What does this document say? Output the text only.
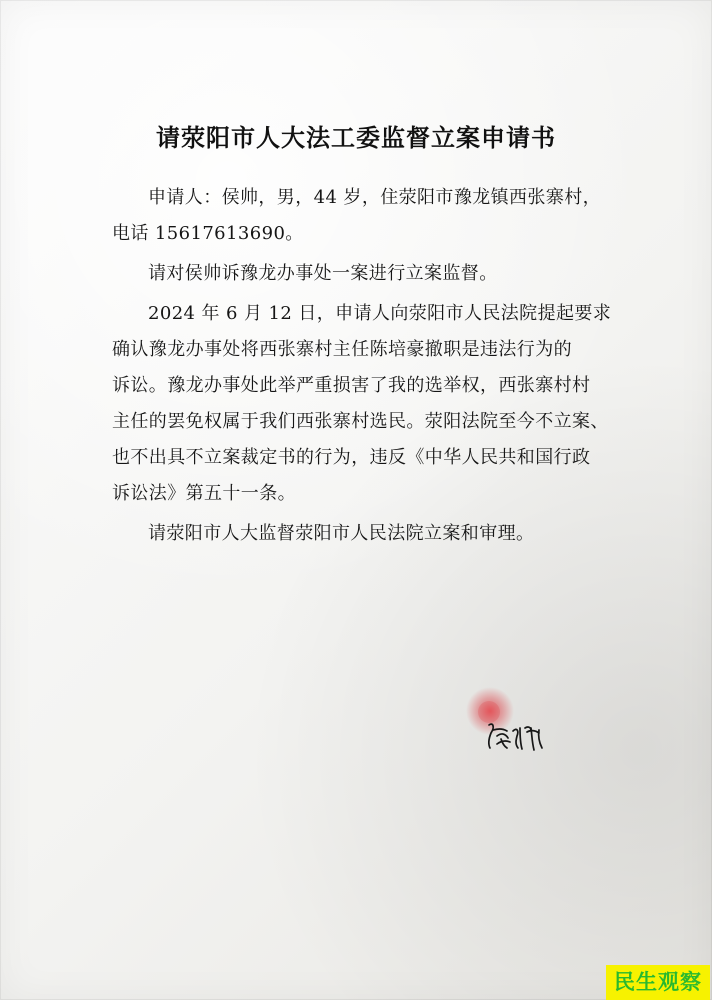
请荥阳市人大法工委监督立案申请书
申请人：侯帅，男，44 岁，住荥阳市豫龙镇西张寨村，
电话 15617613690。
请对侯帅诉豫龙办事处一案进行立案监督。
2024 年 6 月 12 日，申请人向荥阳市人民法院提起要求
确认豫龙办事处将西张寨村主任陈培豪撤职是违法行为的
诉讼。豫龙办事处此举严重损害了我的选举权，西张寨村村
主任的罢免权属于我们西张寨村选民。荥阳法院至今不立案、
也不出具不立案裁定书的行为，违反《中华人民共和国行政
诉讼法》第五十一条。
请荥阳市人大监督荥阳市人民法院立案和审理。
民生观察
